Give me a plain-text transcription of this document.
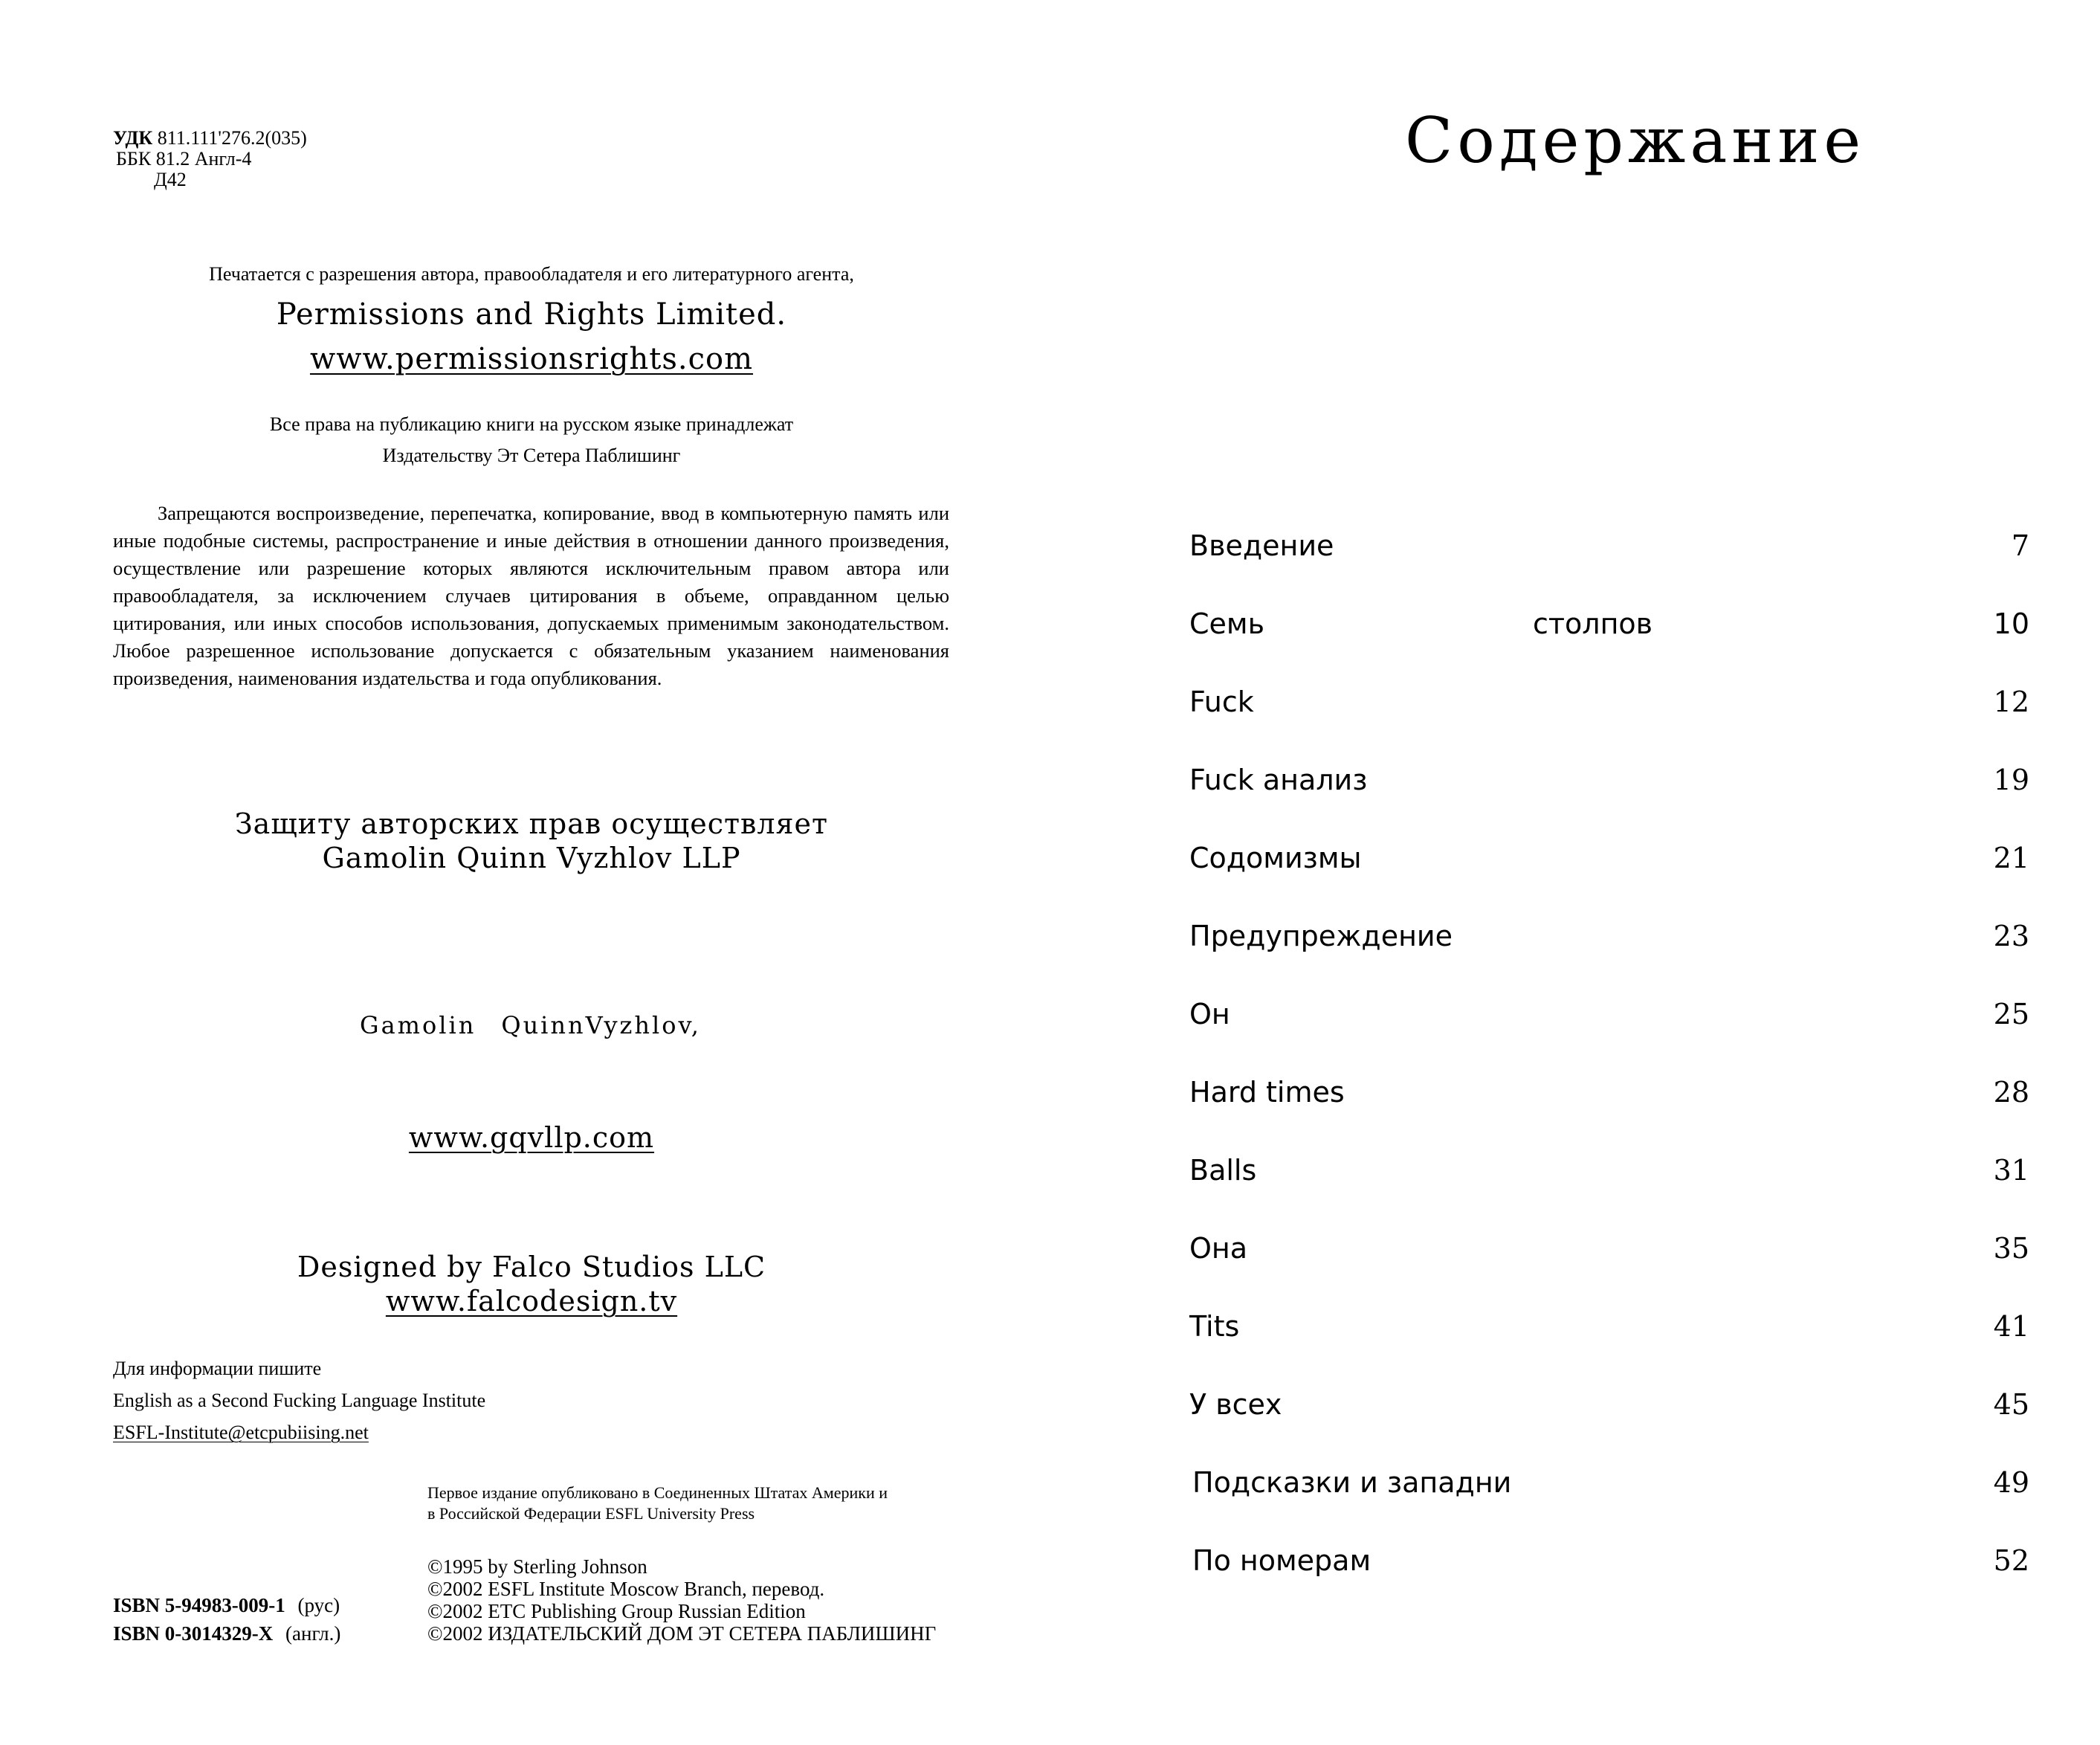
УДК 811.111'276.2(035)
ББК 81.2 Англ-4
Д42
Печатается с разрешения автора, правообладателя и его литературного агента,
Permissions and Rights Limited.
www.permissionsrights.com
Все права на публикацию книги на русском языке принадлежат
Издательству Эт Сетера Паблишинг
Запрещаются воспроизведение, перепечатка, копирование, ввод в компьютерную память или иные подобные системы, распространение и иные действия в отношении данного произведения, осуществление или разрешение которых являются исключительным правом автора или правообладателя, за исключением случаев цитирования в объеме, оправданном целью цитирования, или иных способов использования, допускаемых применимым законодательством. Любое разрешенное использование допускается с обязательным указанием наименования произведения, наименования издательства и года опубликования.
Защиту авторских прав осуществляет
Gamolin Quinn Vyzhlov LLP
Gamolin QuinnVyzhlov,
www.gqvllp.com
Designed by Falco Studios LLC
www.falcodesign.tv
Для информации пишите
English as a Second Fucking Language Institute
ESFL-Institute@etcpubiising.net
Первое издание опубликовано в Соединенных Штатах Америки и
в Российской Федерации ESFL University Press
©1995 by Sterling Johnson
©2002 ESFL Institute Moscow Branch, перевод.
©2002 ETC Publishing Group Russian Edition
©2002 ИЗДАТЕЛЬСКИЙ ДОМ ЭТ СЕТЕРА ПАБЛИШИНГ
ISBN 5-94983-009-1 (рус)
ISBN 0-3014329-X (англ.)
Содержание
Введение	7
Семь	столпов	10
Fuck	12
Fuck анализ	19
Содомизмы	21
Предупреждение	23
Он	25
Hard times	28
Balls	31
Она	35
Tits	41
У всех	45
Подсказки и западни	49
По номерам	52
